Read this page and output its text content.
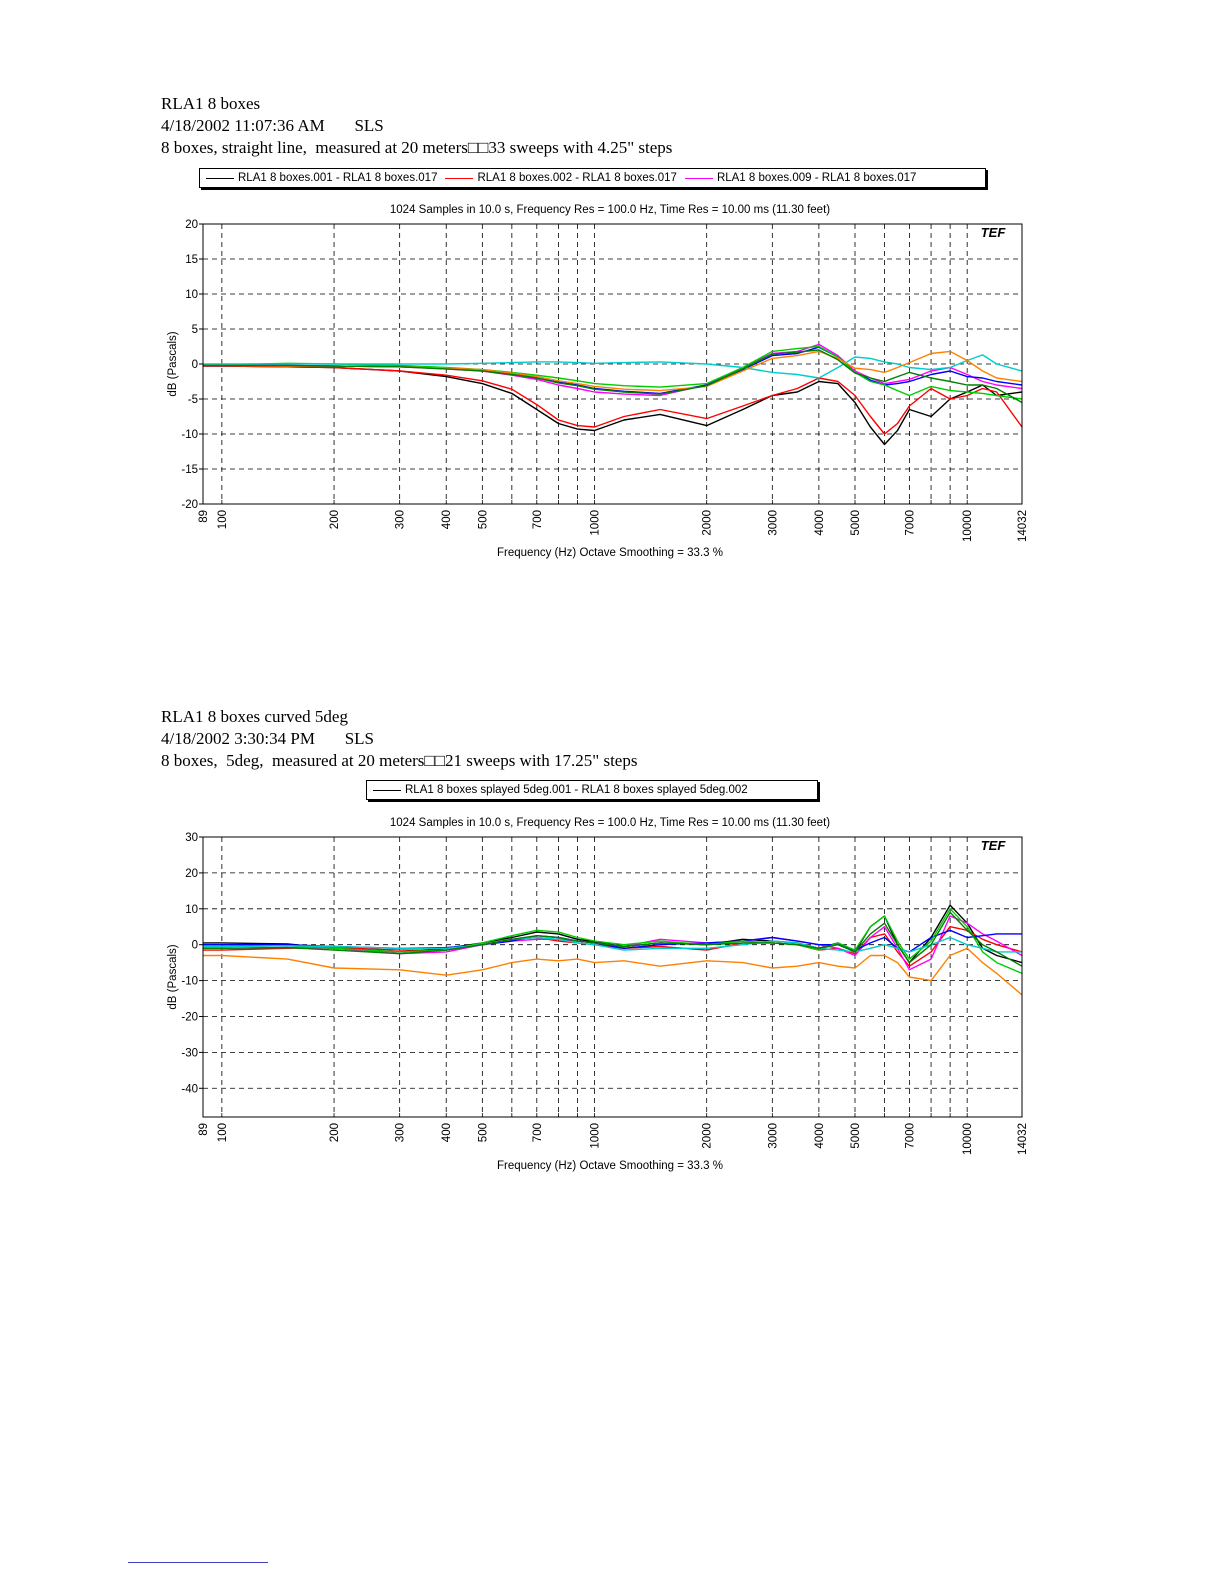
RLA1 8 boxes
4/18/2002 11:07:36 AM       SLS
8 boxes, straight line,  measured at 20 meters□□33 sweeps with 4.25" steps
RLA1 8 boxes.001 - RLA1 8 boxes.017	RLA1 8 boxes.002 - RLA1 8 boxes.017	RLA1 8 boxes.009 - RLA1 8 boxes.017
1024 Samples in 10.0 s, Frequency Res = 100.0 Hz, Time Res = 10.00 ms (11.30 feet)
-20
-15
-10
-5
0
5
10
15
20
89 100	200	300	400 500	700	1000	2000	3000	4000 5000	7000	10000	14032
TEF
dB (Pascals)
Frequency (Hz) Octave Smoothing = 33.3 %
RLA1 8 boxes curved 5deg
4/18/2002 3:30:34 PM       SLS
8 boxes,  5deg,  measured at 20 meters□□21 sweeps with 17.25" steps
RLA1 8 boxes splayed 5deg.001 - RLA1 8 boxes splayed 5deg.002
1024 Samples in 10.0 s, Frequency Res = 100.0 Hz, Time Res = 10.00 ms (11.30 feet)
-40
-30
-20
-10
0
10
20
30
89 100	200	300	400 500	700	1000	2000	3000	4000 5000	7000	10000	14032
TEF
dB (Pascals)
Frequency (Hz) Octave Smoothing = 33.3 %
